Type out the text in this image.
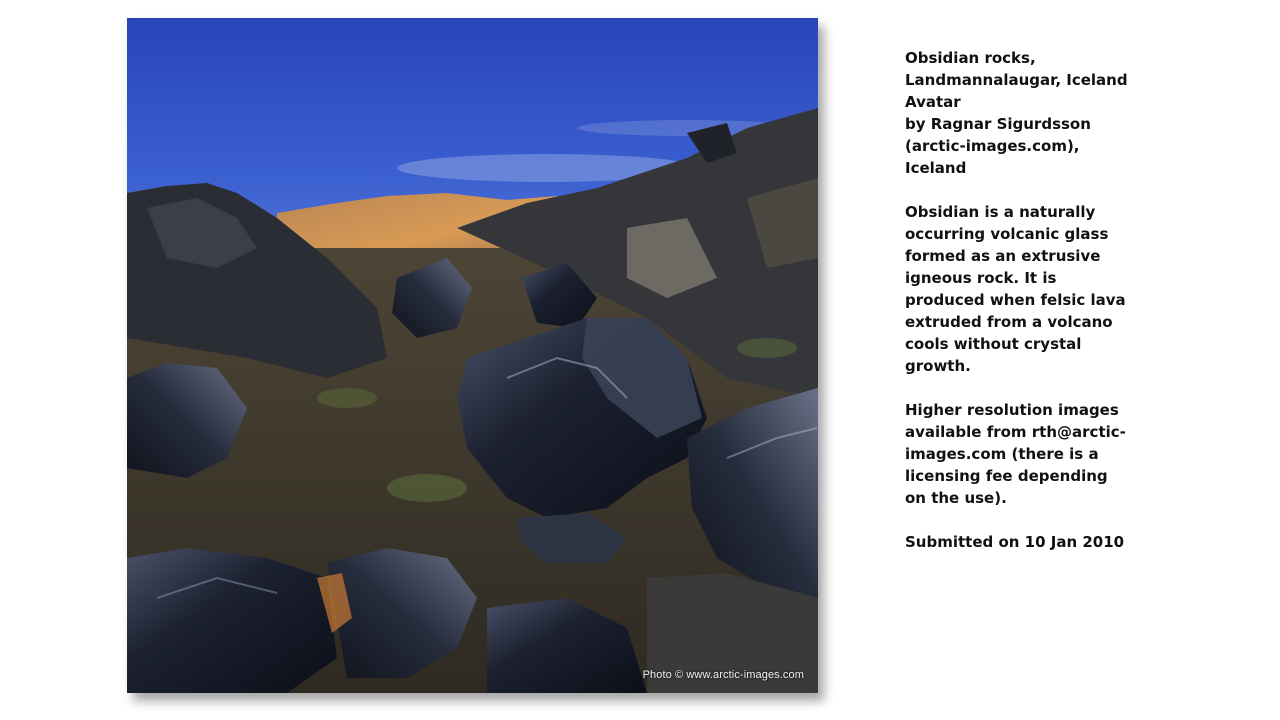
Photo © www.arctic-images.com
Obsidian rocks,
Landmannalaugar, Iceland
Avatar
by Ragnar Sigurdsson
(arctic-images.com),
Iceland
Obsidian is a naturally
occurring volcanic glass
formed as an extrusive
igneous rock. It is
produced when felsic lava
extruded from a volcano
cools without crystal
growth.
Higher resolution images
available from rth@arctic-
images.com (there is a
licensing fee depending
on the use).
Submitted on 10 Jan 2010
